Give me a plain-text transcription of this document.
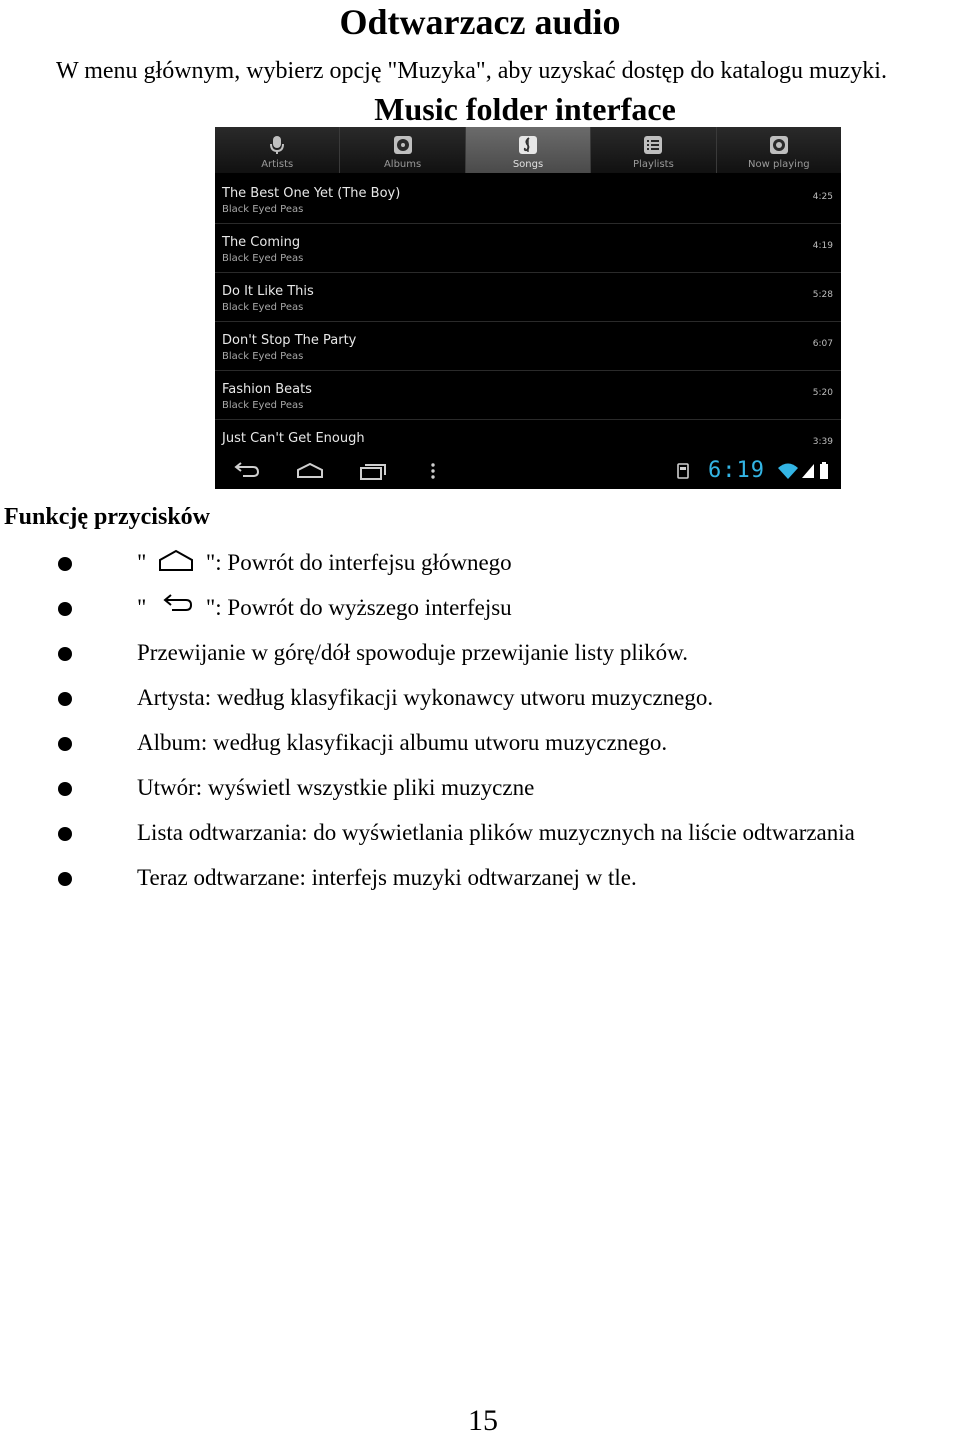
Odtwarzacz audio
W menu głównym, wybierz opcję "Muzyka", aby uzyskać dostęp do katalogu muzyki.
Music folder interface
Artists	Albums	Songs	Playlists	Now playing
The Best One Yet (The Boy)
Black Eyed Peas
4:25
The Coming
Black Eyed Peas
4:19
Do It Like This
Black Eyed Peas
5:28
Don't Stop The Party
Black Eyed Peas
6:07
Fashion Beats
Black Eyed Peas
5:20
Just Can't Get Enough	3:39
6:19
Funkcję przycisków
"	": Powrót do interfejsu głównego
"	": Powrót do wyższego interfejsu
Przewijanie w górę/dół spowoduje przewijanie listy plików.
Artysta: według klasyfikacji wykonawcy utworu muzycznego.
Album: według klasyfikacji albumu utworu muzycznego.
Utwór: wyświetl wszystkie pliki muzyczne
Lista odtwarzania: do wyświetlania plików muzycznych na liście odtwarzania
Teraz odtwarzane: interfejs muzyki odtwarzanej w tle.
15
